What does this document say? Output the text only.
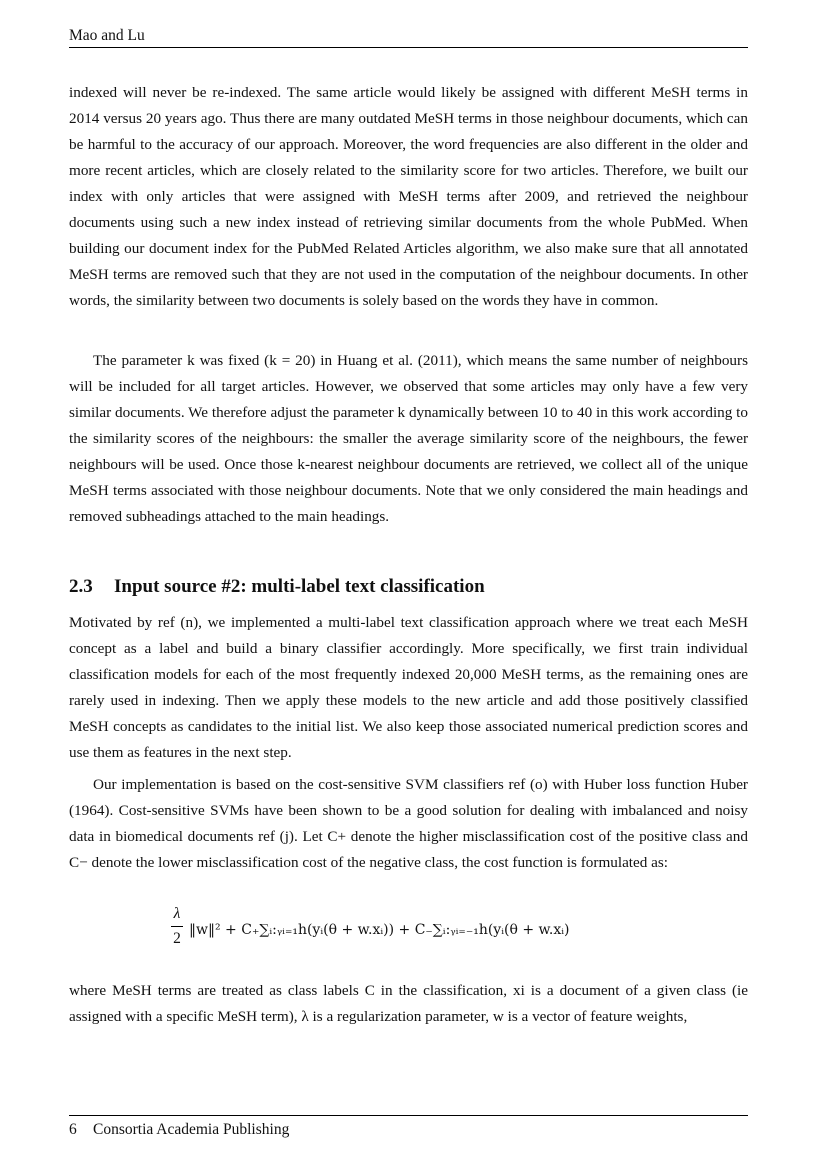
Mao and Lu

indexed will never be re-indexed. The same article would likely be assigned with different MeSH terms in 2014 versus 20 years ago. Thus there are many outdated MeSH terms in those neighbour documents, which can be harmful to the accuracy of our approach. Moreover, the word frequencies are also different in the older and more recent articles, which are closely related to the similarity score for two articles. Therefore, we built our index with only articles that were assigned with MeSH terms after 2009, and retrieved the neighbour documents using such a new index instead of retrieving similar documents from the whole PubMed. When building our document index for the PubMed Related Articles algorithm, we also make sure that all annotated MeSH terms are removed such that they are not used in the computation of the neighbour documents. In other words, the similarity between two documents is solely based on the words they have in common.

The parameter k was fixed (k = 20) in Huang et al. (2011), which means the same number of neighbours will be included for all target articles. However, we observed that some articles may only have a few very similar documents. We therefore adjust the parameter k dynamically between 10 to 40 in this work according to the similarity scores of the neighbours: the smaller the average similarity score of the neighbours, the fewer neighbours will be used. Once those k-nearest neighbour documents are retrieved, we collect all of the unique MeSH terms associated with those neighbour documents. Note that we only considered the main headings and removed subheadings attached to the main headings.

2.3 Input source #2: multi-label text classification

Motivated by ref (n), we implemented a multi-label text classification approach where we treat each MeSH concept as a label and build a binary classifier accordingly. More specifically, we first train individual classification models for each of the most frequently indexed 20,000 MeSH terms, as the remaining ones are rarely used in indexing. Then we apply these models to the new article and add those positively classified MeSH concepts as candidates to the initial list. We also keep those associated numerical prediction scores and use them as features in the next step.

Our implementation is based on the cost-sensitive SVM classifiers ref (o) with Huber loss function Huber (1964). Cost-sensitive SVMs have been shown to be a good solution for dealing with imbalanced and noisy data in biomedical documents ref (j). Let C+ denote the higher misclassification cost of the positive class and C− denote the lower misclassification cost of the negative class, the cost function is formulated as:

λ
2 ‖w‖² + C₊∑ᵢ:ᵧᵢ₌₁h(yᵢ(θ + w.xᵢ)) + C₋∑ᵢ:ᵧᵢ₌₋₁h(yᵢ(θ + w.xᵢ)

where MeSH terms are treated as class labels C in the classification, xi is a document of a given class (ie assigned with a specific MeSH term), λ is a regularization parameter, w is a vector of feature weights,

6 Consortia Academia Publishing
